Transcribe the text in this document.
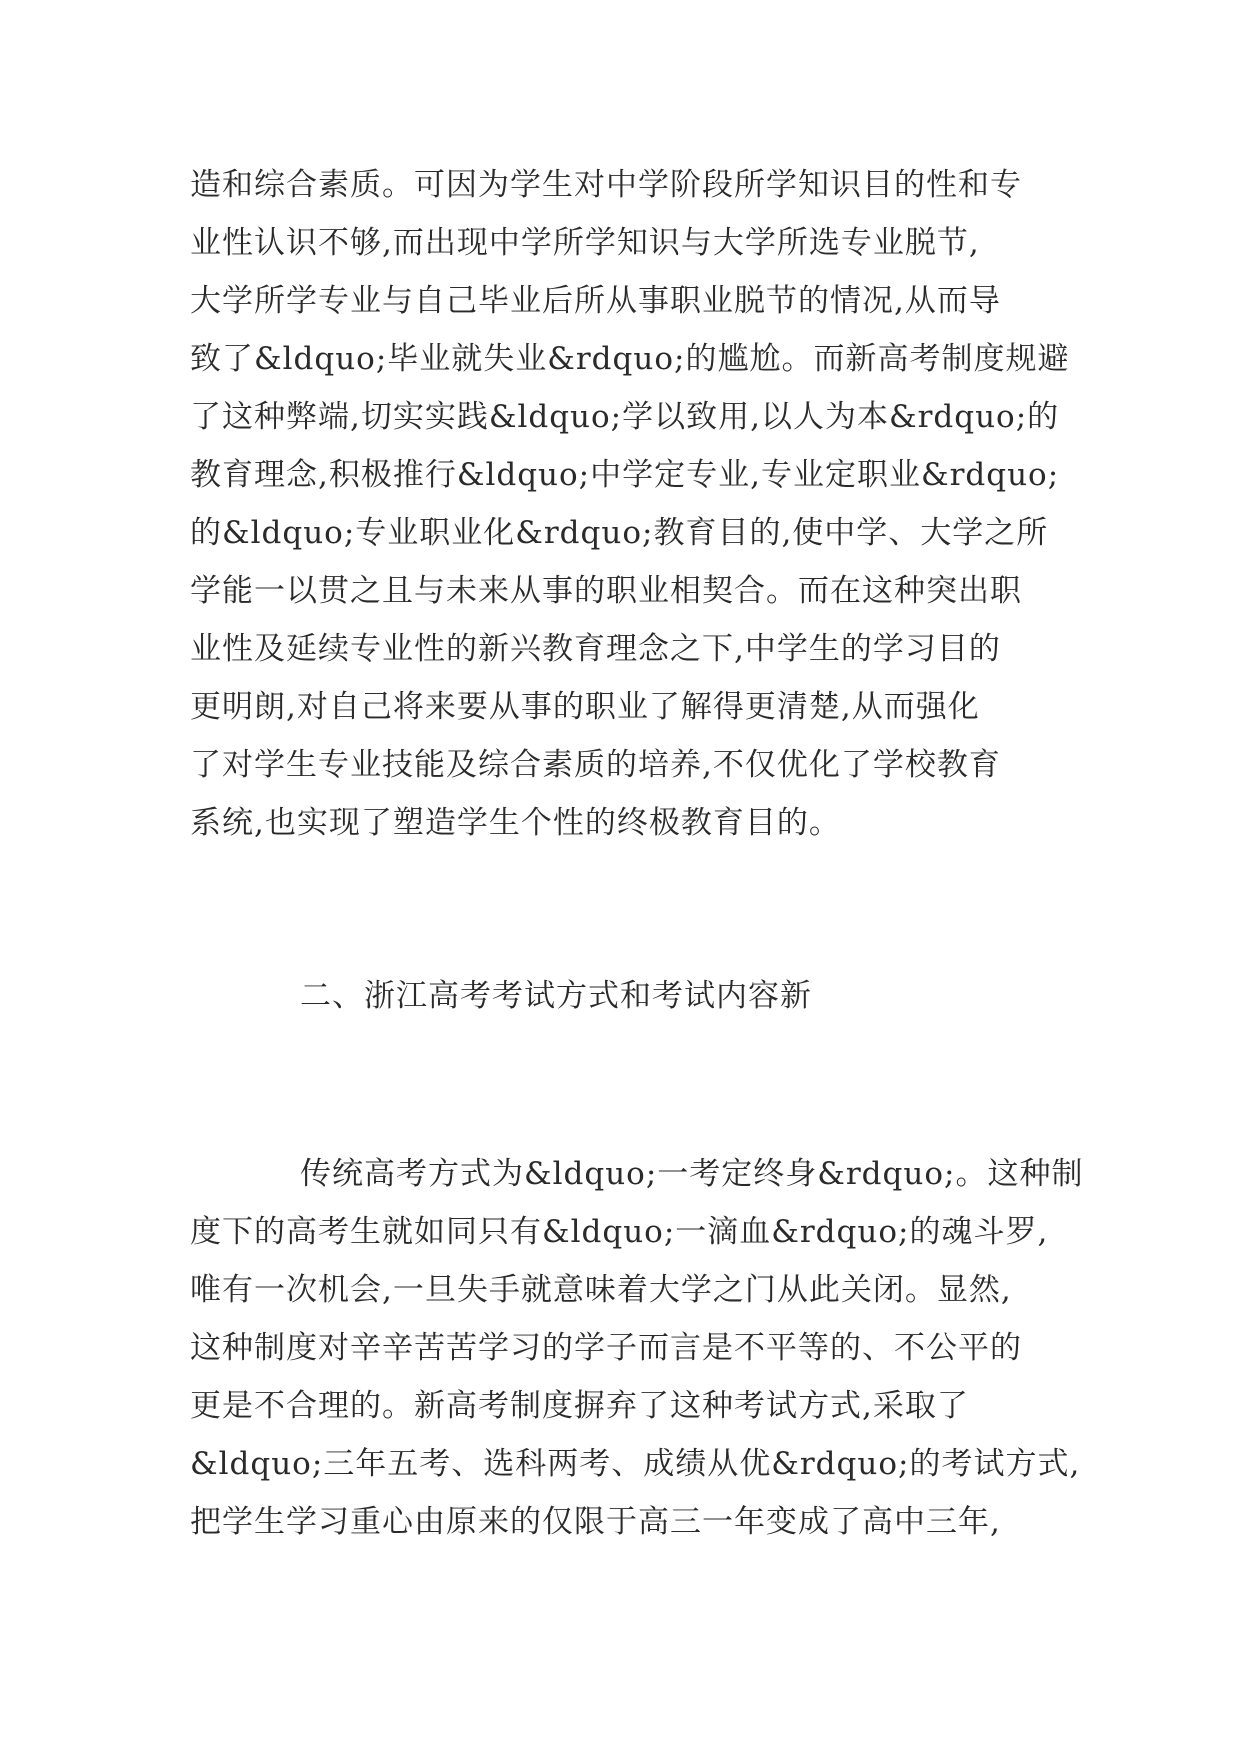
造和综合素质。可因为学生对中学阶段所学知识目的性和专
业性认识不够,而出现中学所学知识与大学所选专业脱节,
大学所学专业与自己毕业后所从事职业脱节的情况,从而导
致了&ldquo;毕业就失业&rdquo;的尴尬。而新高考制度规避
了这种弊端,切实实践&ldquo;学以致用,以人为本&rdquo;的
教育理念,积极推行&ldquo;中学定专业,专业定职业&rdquo;
的&ldquo;专业职业化&rdquo;教育目的,使中学、大学之所
学能一以贯之且与未来从事的职业相契合。而在这种突出职
业性及延续专业性的新兴教育理念之下,中学生的学习目的
更明朗,对自己将来要从事的职业了解得更清楚,从而强化
了对学生专业技能及综合素质的培养,不仅优化了学校教育
系统,也实现了塑造学生个性的终极教育目的。
二、浙江高考考试方式和考试内容新
传统高考方式为&ldquo;一考定终身&rdquo;。这种制
度下的高考生就如同只有&ldquo;一滴血&rdquo;的魂斗罗,
唯有一次机会,一旦失手就意味着大学之门从此关闭。显然,
这种制度对辛辛苦苦学习的学子而言是不平等的、不公平的
更是不合理的。新高考制度摒弃了这种考试方式,采取了
&ldquo;三年五考、选科两考、成绩从优&rdquo;的考试方式,
把学生学习重心由原来的仅限于高三一年变成了高中三年,
